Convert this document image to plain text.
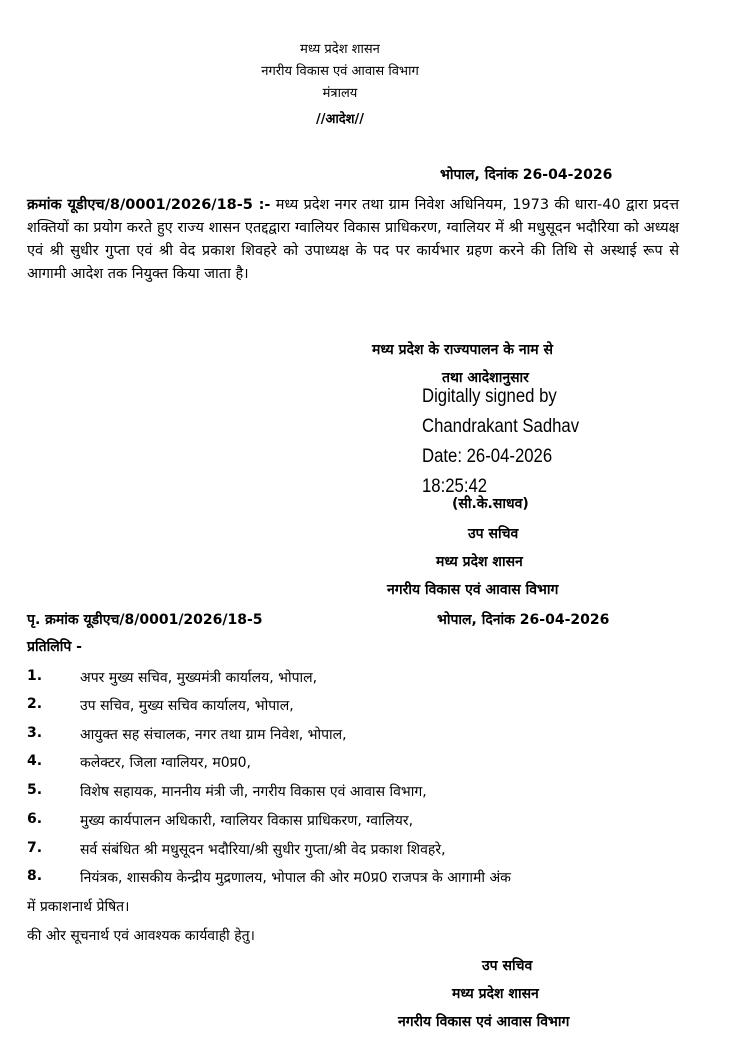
मध्य प्रदेश शासन
नगरीय विकास एवं आवास विभाग
मंत्रालय
//आदेश//
भोपाल, दिनांक 26-04-2026
क्रमांक यूडीएच/8/0001/2026/18-5 :- मध्य प्रदेश नगर तथा ग्राम निवेश अधिनियम, 1973 की धारा-40 द्वारा प्रदत्त शक्तियों का प्रयोग करते हुए राज्य शासन एतद्दद्वारा ग्वालियर विकास प्राधिकरण, ग्वालियर में श्री मधुसूदन भदौरिया को अध्यक्ष एवं श्री सुधीर गुप्ता एवं श्री वेद प्रकाश शिवहरे को उपाध्यक्ष के पद पर कार्यभार ग्रहण करने की तिथि से अस्थाई रूप से आगामी आदेश तक नियुक्त किया जाता है।
मध्य प्रदेश के राज्यपालन के नाम से
तथा आदेशानुसार
Digitally signed by
Chandrakant Sadhav
Date: 26-04-2026
18:25:42
(सी.के.साधव)
उप सचिव
मध्य प्रदेश शासन
नगरीय विकास एवं आवास विभाग
पृ. क्रमांक यूडीएच/8/0001/2026/18-5	भोपाल, दिनांक 26-04-2026
प्रतिलिपि -
1.	अपर मुख्य सचिव, मुख्यमंत्री कार्यालय, भोपाल,
2.	उप सचिव, मुख्य सचिव कार्यालय, भोपाल,
3.	आयुक्त सह संचालक, नगर तथा ग्राम निवेश, भोपाल,
4.	कलेक्टर, जिला ग्वालियर, म0प्र0,
5.	विशेष सहायक, माननीय मंत्री जी, नगरीय विकास एवं आवास विभाग,
6.	मुख्य कार्यपालन अधिकारी, ग्वालियर विकास प्राधिकरण, ग्वालियर,
7.	सर्व संबंधित श्री मधुसूदन भदौरिया/श्री सुधीर गुप्ता/श्री वेद प्रकाश शिवहरे,
8.	नियंत्रक, शासकीय केन्द्रीय मुद्रणालय, भोपाल की ओर म0प्र0 राजपत्र के आगामी अंक
में प्रकाशनार्थ प्रेषित।
की ओर सूचनार्थ एवं आवश्यक कार्यवाही हेतु।
उप सचिव
मध्य प्रदेश शासन
नगरीय विकास एवं आवास विभाग
